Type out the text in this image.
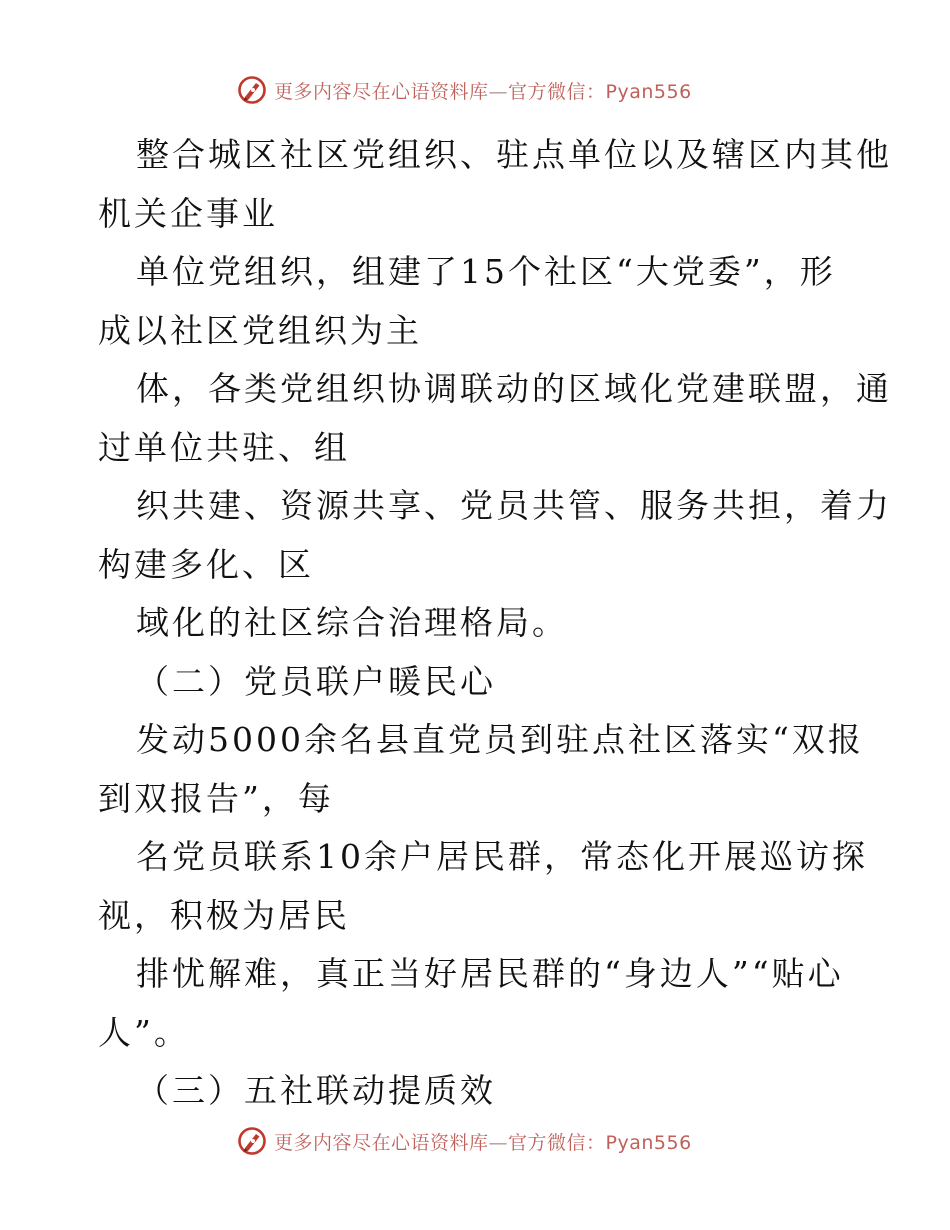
更多内容尽在心语资料库—官方微信：Pyan556
整合城区社区党组织、驻点单位以及辖区内其他
机关企事业
单位党组织，组建了15个社区“大党委”，形
成以社区党组织为主
体，各类党组织协调联动的区域化党建联盟，通
过单位共驻、组
织共建、资源共享、党员共管、服务共担，着力
构建多化、区
域化的社区综合治理格局。
（二）党员联户暖民心
发动5000余名县直党员到驻点社区落实“双报
到双报告”，每
名党员联系10余户居民群，常态化开展巡访探
视，积极为居民
排忧解难，真正当好居民群的“身边人”“贴心
人”。
（三）五社联动提质效
更多内容尽在心语资料库—官方微信：Pyan556
